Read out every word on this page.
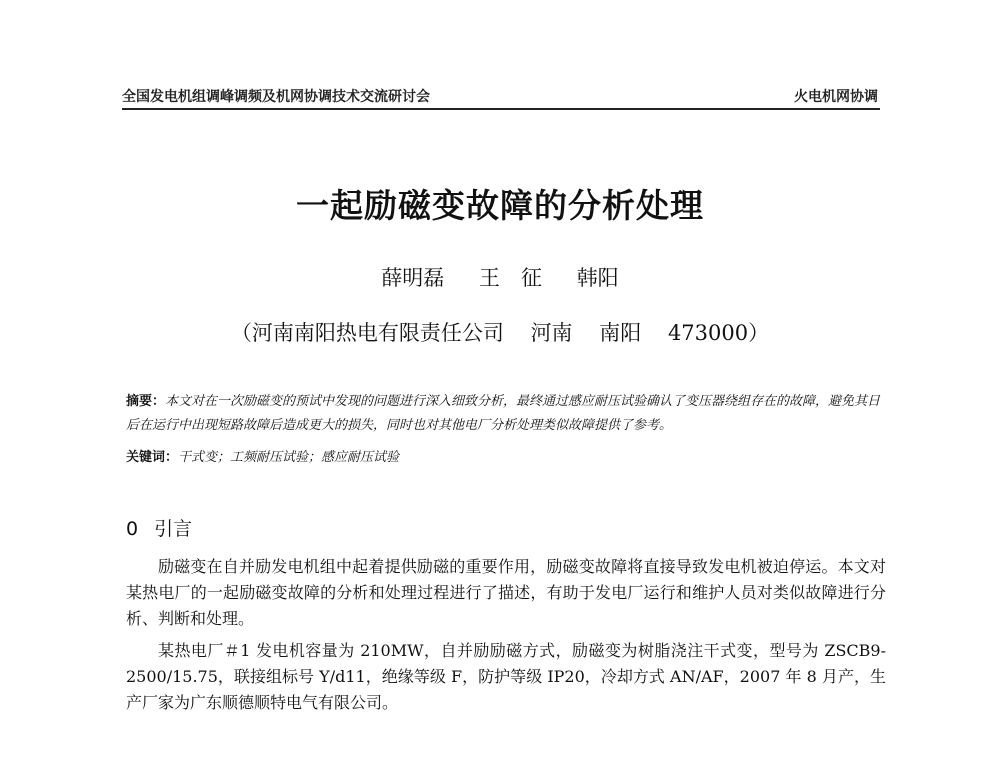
全国发电机组调峰调频及机网协调技术交流研讨会	火电机网协调
一起励磁变故障的分析处理
薛明磊 王　征 韩阳
（河南南阳热电有限责任公司 河南 南阳 473000）
摘要：本文对在一次励磁变的预试中发现的问题进行深入细致分析，最终通过感应耐压试验确认了变压器绕组存在的故障，避免其日后在运行中出现短路故障后造成更大的损失，同时也对其他电厂分析处理类似故障提供了参考。
关键词：干式变；工频耐压试验；感应耐压试验
0 引言

励磁变在自并励发电机组中起着提供励磁的重要作用，励磁变故障将直接导致发电机被迫停运。本文对某热电厂的一起励磁变故障的分析和处理过程进行了描述，有助于发电厂运行和维护人员对类似故障进行分析、判断和处理。

某热电厂＃1 发电机容量为 210MW，自并励励磁方式，励磁变为树脂浇注干式变，型号为 ZSCB9-2500/15.75，联接组标号 Y/d11，绝缘等级 F，防护等级 IP20，冷却方式 AN/AF，2007 年 8 月产，生产厂家为广东顺德顺特电气有限公司。
